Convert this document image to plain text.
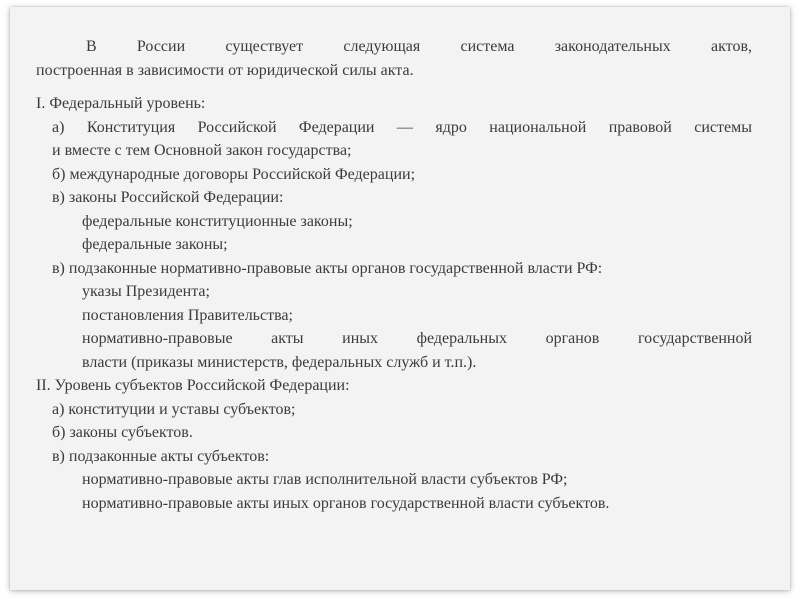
В России существует следующая система законодательных актов,
построенная в зависимости от юридической силы акта.

I. Федеральный уровень:

а) Конституция Российской Федерации — ядро национальной правовой системы
и вместе с тем Основной закон государства;

б) международные договоры Российской Федерации;

в) законы Российской Федерации:

федеральные конституционные законы;

федеральные законы;

в) подзаконные нормативно-правовые акты органов государственной власти РФ:

указы Президента;

постановления Правительства;

нормативно-правовые акты иных федеральных органов государственной
власти (приказы министерств, федеральных служб и т.п.).

II. Уровень субъектов Российской Федерации:

а) конституции и уставы субъектов;

б) законы субъектов.

в) подзаконные акты субъектов:

нормативно-правовые акты глав исполнительной власти субъектов РФ;

нормативно-правовые акты иных органов государственной власти субъектов.
